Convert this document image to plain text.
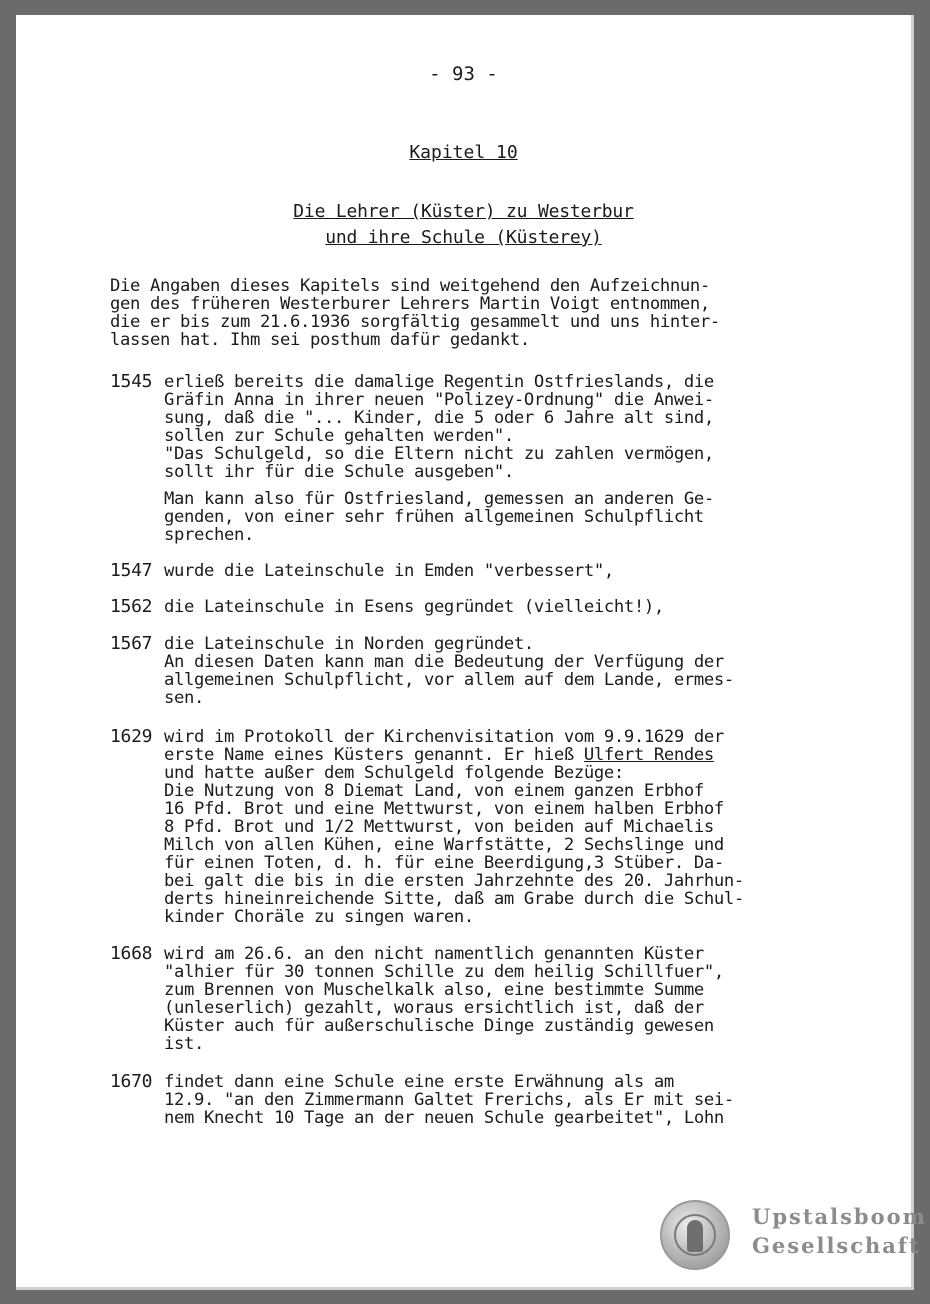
- 93 -
Kapitel 10
Die Lehrer (Küster) zu Westerbur
und ihre Schule (Küsterey)
Die Angaben dieses Kapitels sind weitgehend den Aufzeichnun-
gen des früheren Westerburer Lehrers Martin Voigt entnommen,
die er bis zum 21.6.1936 sorgfältig gesammelt und uns hinter-
lassen hat. Ihm sei posthum dafür gedankt.
1545 erließ bereits die damalige Regentin Ostfrieslands, die
Gräfin Anna in ihrer neuen "Polizey-Ordnung" die Anwei-
sung, daß die "... Kinder, die 5 oder 6 Jahre alt sind,
sollen zur Schule gehalten werden".
"Das Schulgeld, so die Eltern nicht zu zahlen vermögen,
sollt ihr für die Schule ausgeben".
Man kann also für Ostfriesland, gemessen an anderen Ge-
genden, von einer sehr frühen allgemeinen Schulpflicht
sprechen.
1547 wurde die Lateinschule in Emden "verbessert",
1562 die Lateinschule in Esens gegründet (vielleicht!),
1567 die Lateinschule in Norden gegründet.
An diesen Daten kann man die Bedeutung der Verfügung der
allgemeinen Schulpflicht, vor allem auf dem Lande, ermes-
sen.
1629 wird im Protokoll der Kirchenvisitation vom 9.9.1629 der
erste Name eines Küsters genannt. Er hieß Ulfert Rendes
und hatte außer dem Schulgeld folgende Bezüge:
Die Nutzung von 8 Diemat Land, von einem ganzen Erbhof
16 Pfd. Brot und eine Mettwurst, von einem halben Erbhof
8 Pfd. Brot und 1/2 Mettwurst, von beiden auf Michaelis
Milch von allen Kühen, eine Warfstätte, 2 Sechslinge und
für einen Toten, d. h. für eine Beerdigung,3 Stüber. Da-
bei galt die bis in die ersten Jahrzehnte des 20. Jahrhun-
derts hineinreichende Sitte, daß am Grabe durch die Schul-
kinder Choräle zu singen waren.
1668 wird am 26.6. an den nicht namentlich genannten Küster
"alhier für 30 tonnen Schille zu dem heilig Schillfuer",
zum Brennen von Muschelkalk also, eine bestimmte Summe
(unleserlich) gezahlt, woraus ersichtlich ist, daß der
Küster auch für außerschulische Dinge zuständig gewesen
ist.
1670 findet dann eine Schule eine erste Erwähnung als am
12.9. "an den Zimmermann Galtet Frerichs, als Er mit sei-
nem Knecht 10 Tage an der neuen Schule gearbeitet", Lohn
Upstalsboom
Gesellschaft
